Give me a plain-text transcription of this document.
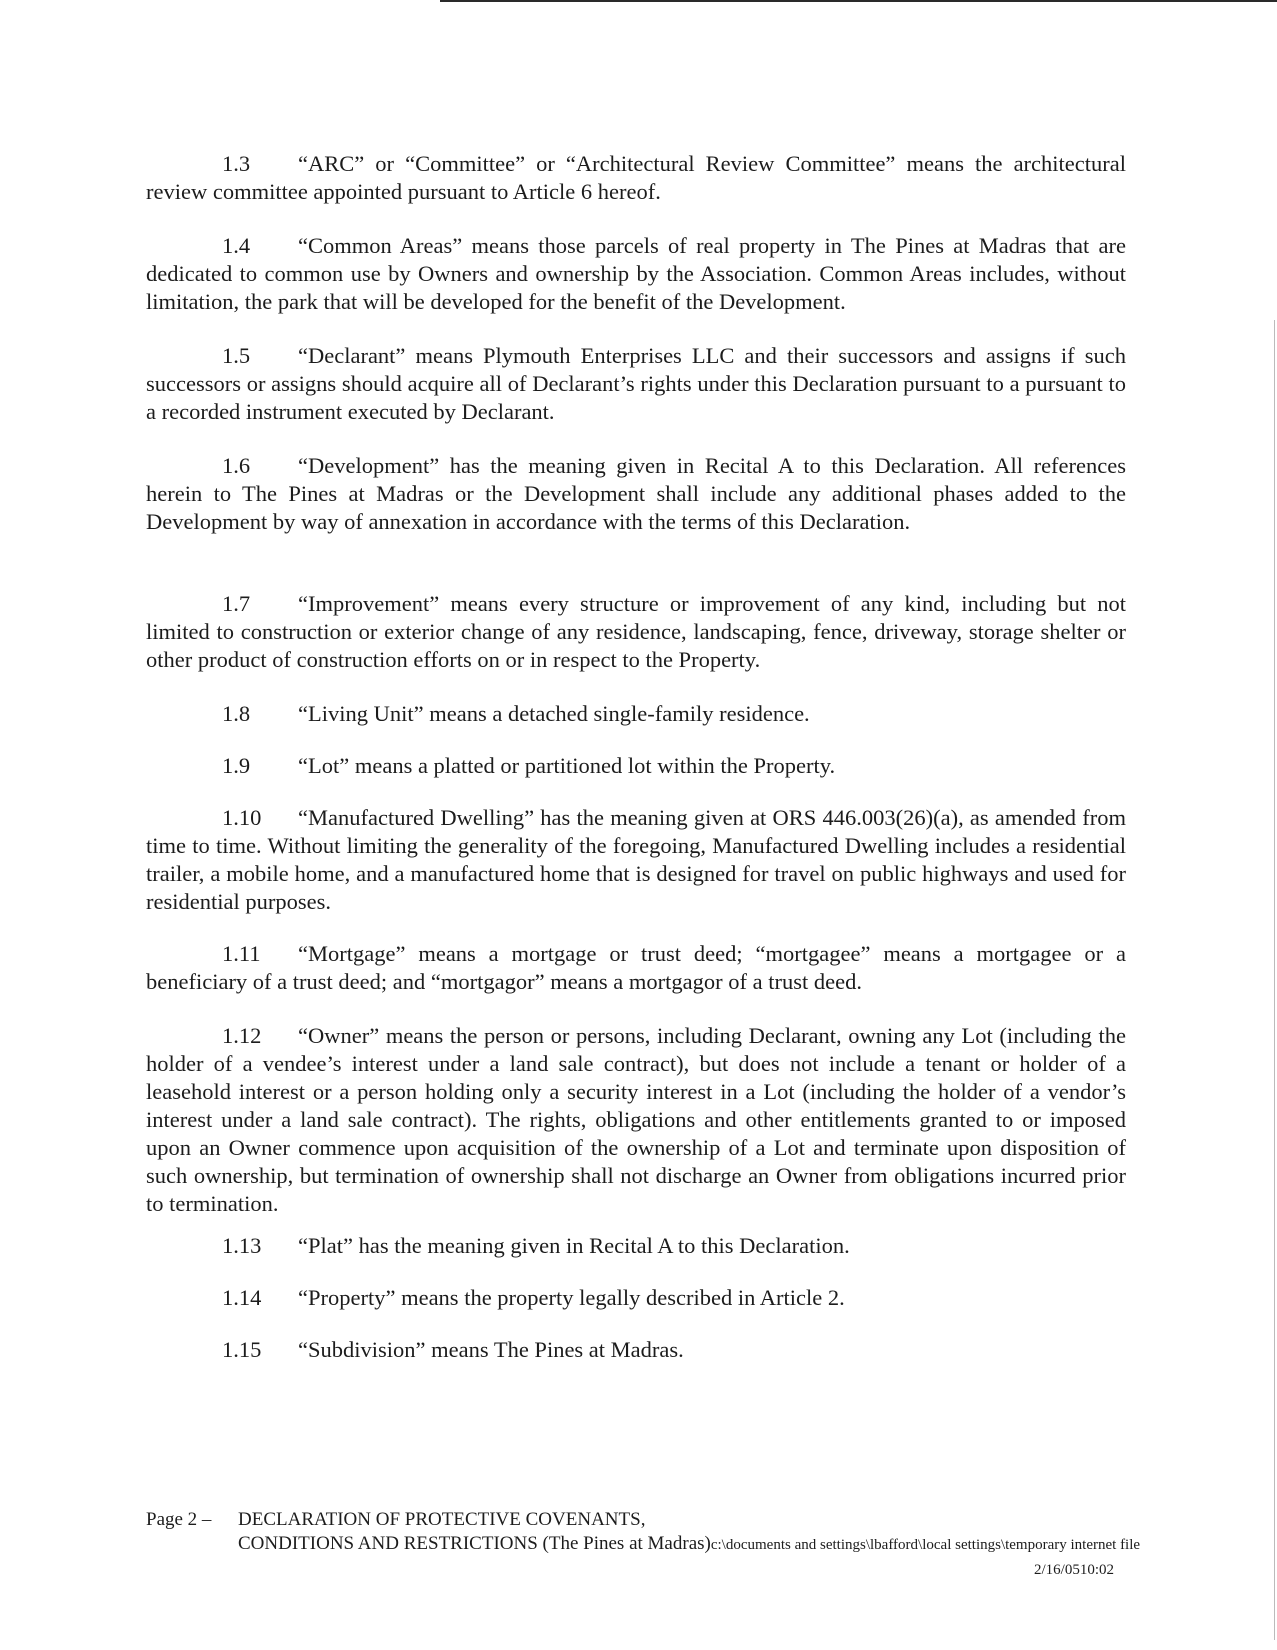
1.3 “ARC” or “Committee” or “Architectural Review Committee” means the architectural review committee appointed pursuant to Article 6 hereof.

1.4 “Common Areas” means those parcels of real property in The Pines at Madras that are dedicated to common use by Owners and ownership by the Association. Common Areas includes, without limitation, the park that will be developed for the benefit of the Development.

1.5 “Declarant” means Plymouth Enterprises LLC and their successors and assigns if such successors or assigns should acquire all of Declarant’s rights under this Declaration pursuant to a pursuant to a recorded instrument executed by Declarant.

1.6 “Development” has the meaning given in Recital A to this Declaration. All references herein to The Pines at Madras or the Development shall include any additional phases added to the Development by way of annexation in accordance with the terms of this Declaration.

1.7 “Improvement” means every structure or improvement of any kind, including but not limited to construction or exterior change of any residence, landscaping, fence, driveway, storage shelter or other product of construction efforts on or in respect to the Property.

1.8 “Living Unit” means a detached single-family residence.

1.9 “Lot” means a platted or partitioned lot within the Property.

1.10 “Manufactured Dwelling” has the meaning given at ORS 446.003(26)(a), as amended from time to time. Without limiting the generality of the foregoing, Manufactured Dwelling includes a residential trailer, a mobile home, and a manufactured home that is designed for travel on public highways and used for residential purposes.

1.11 “Mortgage” means a mortgage or trust deed; “mortgagee” means a mortgagee or a beneficiary of a trust deed; and “mortgagor” means a mortgagor of a trust deed.

1.12 “Owner” means the person or persons, including Declarant, owning any Lot (including the holder of a vendee’s interest under a land sale contract), but does not include a tenant or holder of a leasehold interest or a person holding only a security interest in a Lot (including the holder of a vendor’s interest under a land sale contract). The rights, obligations and other entitlements granted to or imposed upon an Owner commence upon acquisition of the ownership of a Lot and terminate upon disposition of such ownership, but termination of ownership shall not discharge an Owner from obligations incurred prior to termination.

1.13 “Plat” has the meaning given in Recital A to this Declaration.

1.14 “Property” means the property legally described in Article 2.

1.15 “Subdivision” means The Pines at Madras.

Page 2 – DECLARATION OF PROTECTIVE COVENANTS,
CONDITIONS AND RESTRICTIONS (The Pines at Madras)c:\documents and settings\lbafford\local settings\temporary internet file
2/16/0510:02
